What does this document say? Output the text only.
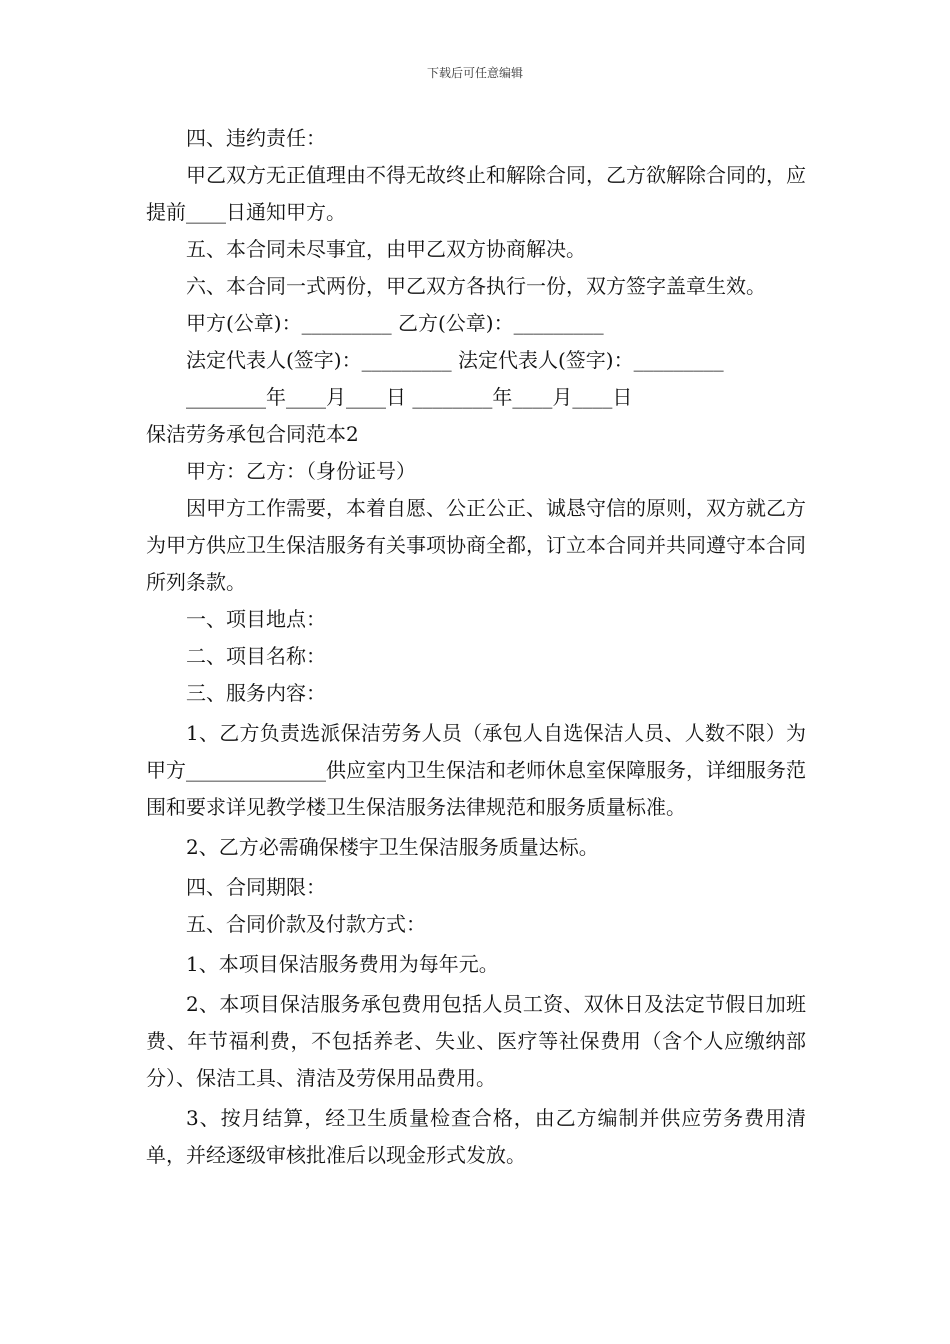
下载后可任意编辑

四、违约责任：

甲乙双方无正值理由不得无故终止和解除合同，乙方欲解除合同的，应提前____日通知甲方。

五、本合同未尽事宜，由甲乙双方协商解决。

六、本合同一式两份，甲乙双方各执行一份，双方签字盖章生效。

甲方(公章)：_________ 乙方(公章)：_________

法定代表人(签字)：_________ 法定代表人(签字)：_________

________年____月____日 ________年____月____日

保洁劳务承包合同范本2

甲方：乙方：（身份证号）

因甲方工作需要，本着自愿、公正公正、诚恳守信的原则，双方就乙方为甲方供应卫生保洁服务有关事项协商全都，订立本合同并共同遵守本合同所列条款。

一、项目地点：

二、项目名称：

三、服务内容：

1、乙方负责选派保洁劳务人员（承包人自选保洁人员、人数不限）为甲方______________供应室内卫生保洁和老师休息室保障服务，详细服务范围和要求详见教学楼卫生保洁服务法律规范和服务质量标准。

2、乙方必需确保楼宇卫生保洁服务质量达标。

四、合同期限：

五、合同价款及付款方式：

1、本项目保洁服务费用为每年元。

2、本项目保洁服务承包费用包括人员工资、双休日及法定节假日加班费、年节福利费，不包括养老、失业、医疗等社保费用（含个人应缴纳部分）、保洁工具、清洁及劳保用品费用。

3、按月结算，经卫生质量检查合格，由乙方编制并供应劳务费用清单，并经逐级审核批准后以现金形式发放。
